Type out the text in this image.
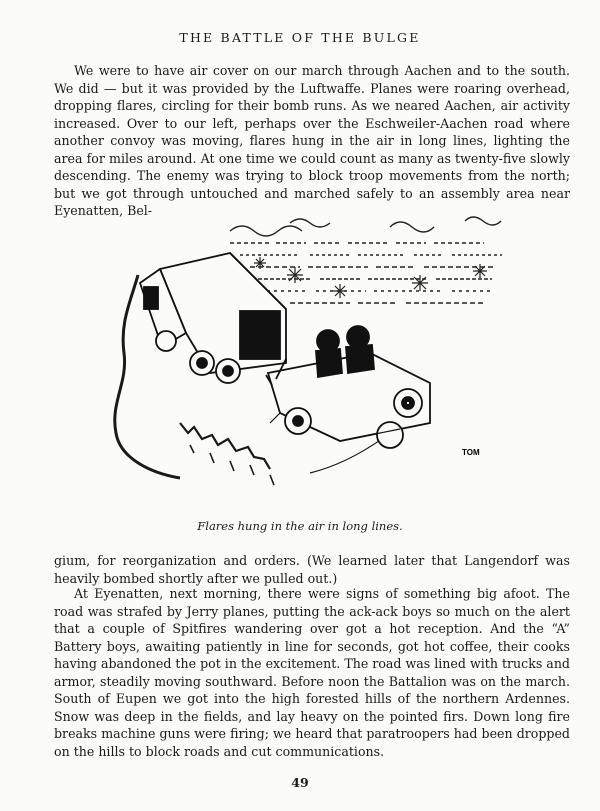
THE BATTLE OF THE BULGE

We were to have air cover on our march through Aachen and to the south. We did — but it was provided by the Luftwaffe. Planes were roaring overhead, dropping flares, circling for their bomb runs. As we neared Aachen, air activity increased. Over to our left, perhaps over the Eschweiler-Aachen road where another convoy was moving, flares hung in the air in long lines, lighting the area for miles around. At one time we could count as many as twenty-five slowly descending. The enemy was trying to block troop movements from the north; but we got through untouched and marched safely to an assembly area near Eyenatten, Bel-

TOM
Flares hung in the air in long lines.

gium, for reorganization and orders. (We learned later that Langendorf was heavily bombed shortly after we pulled out.)

At Eyenatten, next morning, there were signs of something big afoot. The road was strafed by Jerry planes, putting the ack-ack boys so much on the alert that a couple of Spitfires wandering over got a hot reception. And the “A” Battery boys, awaiting patiently in line for seconds, got hot coffee, their cooks having abandoned the pot in the excitement. The road was lined with trucks and armor, steadily moving southward. Before noon the Battalion was on the march. South of Eupen we got into the high forested hills of the northern Ardennes. Snow was deep in the fields, and lay heavy on the pointed firs. Down long fire breaks machine guns were firing; we heard that paratroopers had been dropped on the hills to block roads and cut communications.

49
